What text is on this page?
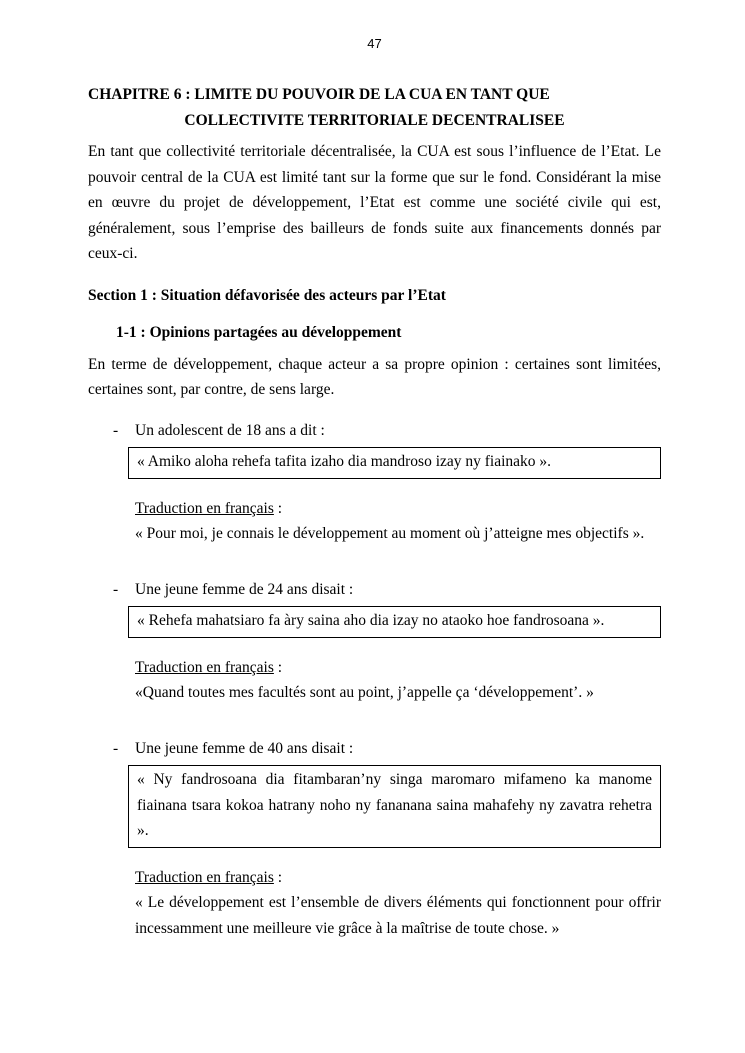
47
CHAPITRE 6 : LIMITE DU POUVOIR DE LA CUA EN TANT QUE
COLLECTIVITE TERRITORIALE DECENTRALISEE
En tant que collectivité territoriale décentralisée, la CUA est sous l’influence de l’Etat. Le pouvoir central de la CUA est limité tant sur la forme que sur le fond. Considérant la mise en œuvre du projet de développement, l’Etat est comme une société civile qui est, généralement, sous l’emprise des bailleurs de fonds suite aux financements donnés par ceux-ci.
Section 1 : Situation défavorisée des acteurs par l’Etat
1-1 : Opinions partagées au développement
En terme de développement, chaque acteur a sa propre opinion : certaines sont limitées, certaines sont, par contre, de sens large.
-	Un adolescent de 18 ans a dit :
« Amiko aloha rehefa tafita izaho dia mandroso izay ny fiainako ».
Traduction en français :
« Pour moi, je connais le développement au moment où j’atteigne mes objectifs ».
-	Une jeune femme de 24 ans disait :
« Rehefa mahatsiaro fa àry saina aho dia izay no ataoko hoe fandrosoana ».
Traduction en français :
«Quand toutes mes facultés sont au point, j’appelle ça ‘développement’. »
-	Une jeune femme de 40 ans disait :
« Ny fandrosoana dia fitambaran’ny singa maromaro mifameno ka manome fiainana tsara kokoa hatrany noho ny fananana saina mahafehy ny zavatra rehetra ».
Traduction en français :
« Le développement est l’ensemble de divers éléments qui fonctionnent pour offrir incessamment une meilleure vie grâce à la maîtrise de toute chose. »
